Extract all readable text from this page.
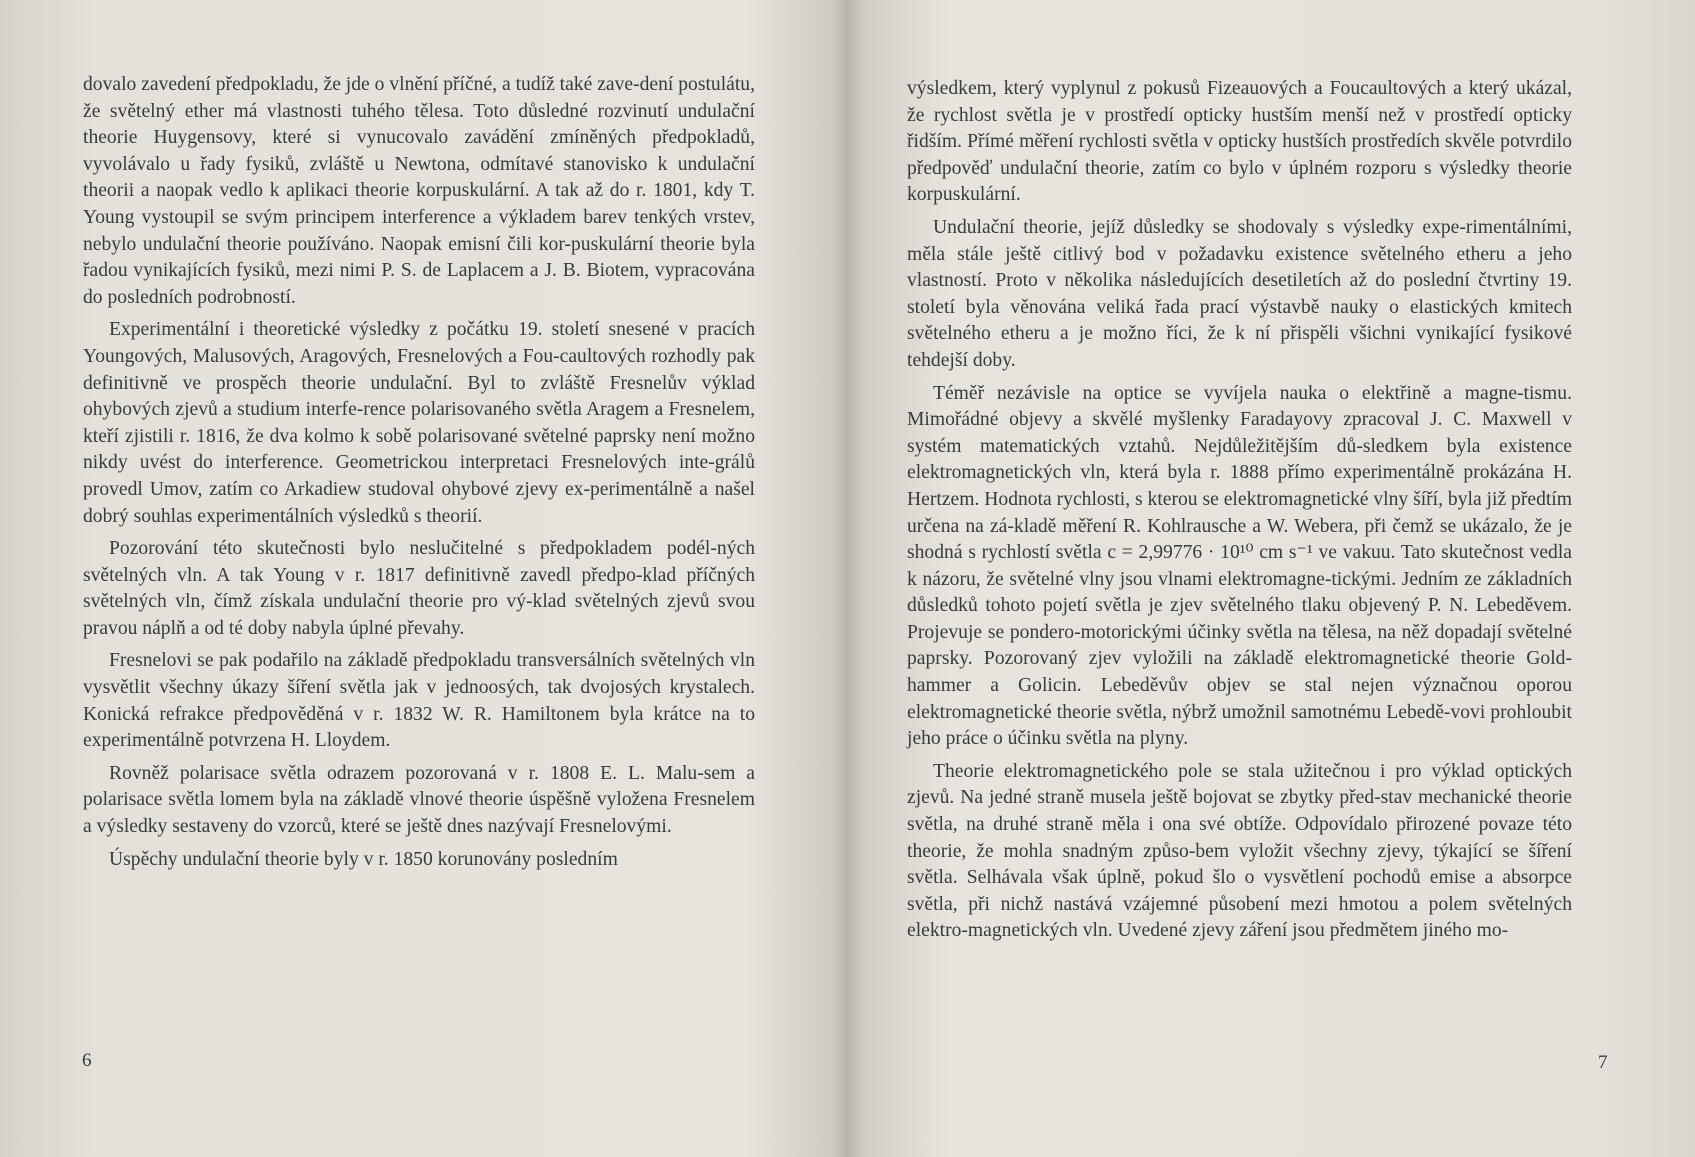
dovalo zavedení předpokladu, že jde o vlnění příčné, a tudíž také zave-dení postulátu, že světelný ether má vlastnosti tuhého tělesa. Toto důsledné rozvinutí undulační theorie Huygensovy, které si vynucovalo zavádění zmíněných předpokladů, vyvolávalo u řady fysiků, zvláště u Newtona, odmítavé stanovisko k undulační theorii a naopak vedlo k aplikaci theorie korpuskulární. A tak až do r. 1801, kdy T. Young vystoupil se svým principem interference a výkladem barev tenkých vrstev, nebylo undulační theorie používáno. Naopak emisní čili kor-puskulární theorie byla řadou vynikajících fysiků, mezi nimi P. S. de Laplacem a J. B. Biotem, vypracována do posledních podrobností.

Experimentální i theoretické výsledky z počátku 19. století snesené v pracích Youngových, Malusových, Aragových, Fresnelových a Fou-caultových rozhodly pak definitivně ve prospěch theorie undulační. Byl to zvláště Fresnelův výklad ohybových zjevů a studium interfe-rence polarisovaného světla Aragem a Fresnelem, kteří zjistili r. 1816, že dva kolmo k sobě polarisované světelné paprsky není možno nikdy uvést do interference. Geometrickou interpretaci Fresnelových inte-grálů provedl Umov, zatím co Arkadiew studoval ohybové zjevy ex-perimentálně a našel dobrý souhlas experimentálních výsledků s theorií.

Pozorování této skutečnosti bylo neslučitelné s předpokladem podél-ných světelných vln. A tak Young v r. 1817 definitivně zavedl předpo-klad příčných světelných vln, čímž získala undulační theorie pro vý-klad světelných zjevů svou pravou náplň a od té doby nabyla úplné převahy.

Fresnelovi se pak podařilo na základě předpokladu transversálních světelných vln vysvětlit všechny úkazy šíření světla jak v jednoosých, tak dvojosých krystalech. Konická refrakce předpověděná v r. 1832 W. R. Hamiltonem byla krátce na to experimentálně potvrzena H. Lloydem.

Rovněž polarisace světla odrazem pozorovaná v r. 1808 E. L. Malu-sem a polarisace světla lomem byla na základě vlnové theorie úspěšně vyložena Fresnelem a výsledky sestaveny do vzorců, které se ještě dnes nazývají Fresnelovými.

Úspěchy undulační theorie byly v r. 1850 korunovány posledním

6

výsledkem, který vyplynul z pokusů Fizeauových a Foucaultových a který ukázal, že rychlost světla je v prostředí opticky hustším menší než v prostředí opticky řidším. Přímé měření rychlosti světla v opticky hustších prostředích skvěle potvrdilo předpověď undulační theorie, zatím co bylo v úplném rozporu s výsledky theorie korpuskulární.

Undulační theorie, jejíž důsledky se shodovaly s výsledky expe-rimentálními, měla stále ještě citlivý bod v požadavku existence světelného etheru a jeho vlastností. Proto v několika následujících desetiletích až do poslední čtvrtiny 19. století byla věnována veliká řada prací výstavbě nauky o elastických kmitech světelného etheru a je možno říci, že k ní přispěli všichni vynikající fysikové tehdejší doby.

Téměř nezávisle na optice se vyvíjela nauka o elektřině a magne-tismu. Mimořádné objevy a skvělé myšlenky Faradayovy zpracoval J. C. Maxwell v systém matematických vztahů. Nejdůležitějším dů-sledkem byla existence elektromagnetických vln, která byla r. 1888 přímo experimentálně prokázána H. Hertzem. Hodnota rychlosti, s kterou se elektromagnetické vlny šíří, byla již předtím určena na zá-kladě měření R. Kohlrausche a W. Webera, při čemž se ukázalo, že je shodná s rychlostí světla c = 2,99776 · 10¹⁰ cm s⁻¹ ve vakuu. Tato skutečnost vedla k názoru, že světelné vlny jsou vlnami elektromagne-tickými. Jedním ze základních důsledků tohoto pojetí světla je zjev světelného tlaku objevený P. N. Lebeděvem. Projevuje se pondero-motorickými účinky světla na tělesa, na něž dopadají světelné paprsky. Pozorovaný zjev vyložili na základě elektromagnetické theorie Gold-hammer a Golicin. Lebeděvův objev se stal nejen význačnou oporou elektromagnetické theorie světla, nýbrž umožnil samotnému Lebedě-vovi prohloubit jeho práce o účinku světla na plyny.

Theorie elektromagnetického pole se stala užitečnou i pro výklad optických zjevů. Na jedné straně musela ještě bojovat se zbytky před-stav mechanické theorie světla, na druhé straně měla i ona své obtíže. Odpovídalo přirozené povaze této theorie, že mohla snadným způso-bem vyložit všechny zjevy, týkající se šíření světla. Selhávala však úplně, pokud šlo o vysvětlení pochodů emise a absorpce světla, při nichž nastává vzájemné působení mezi hmotou a polem světelných elektro-magnetických vln. Uvedené zjevy záření jsou předmětem jiného mo-

7
